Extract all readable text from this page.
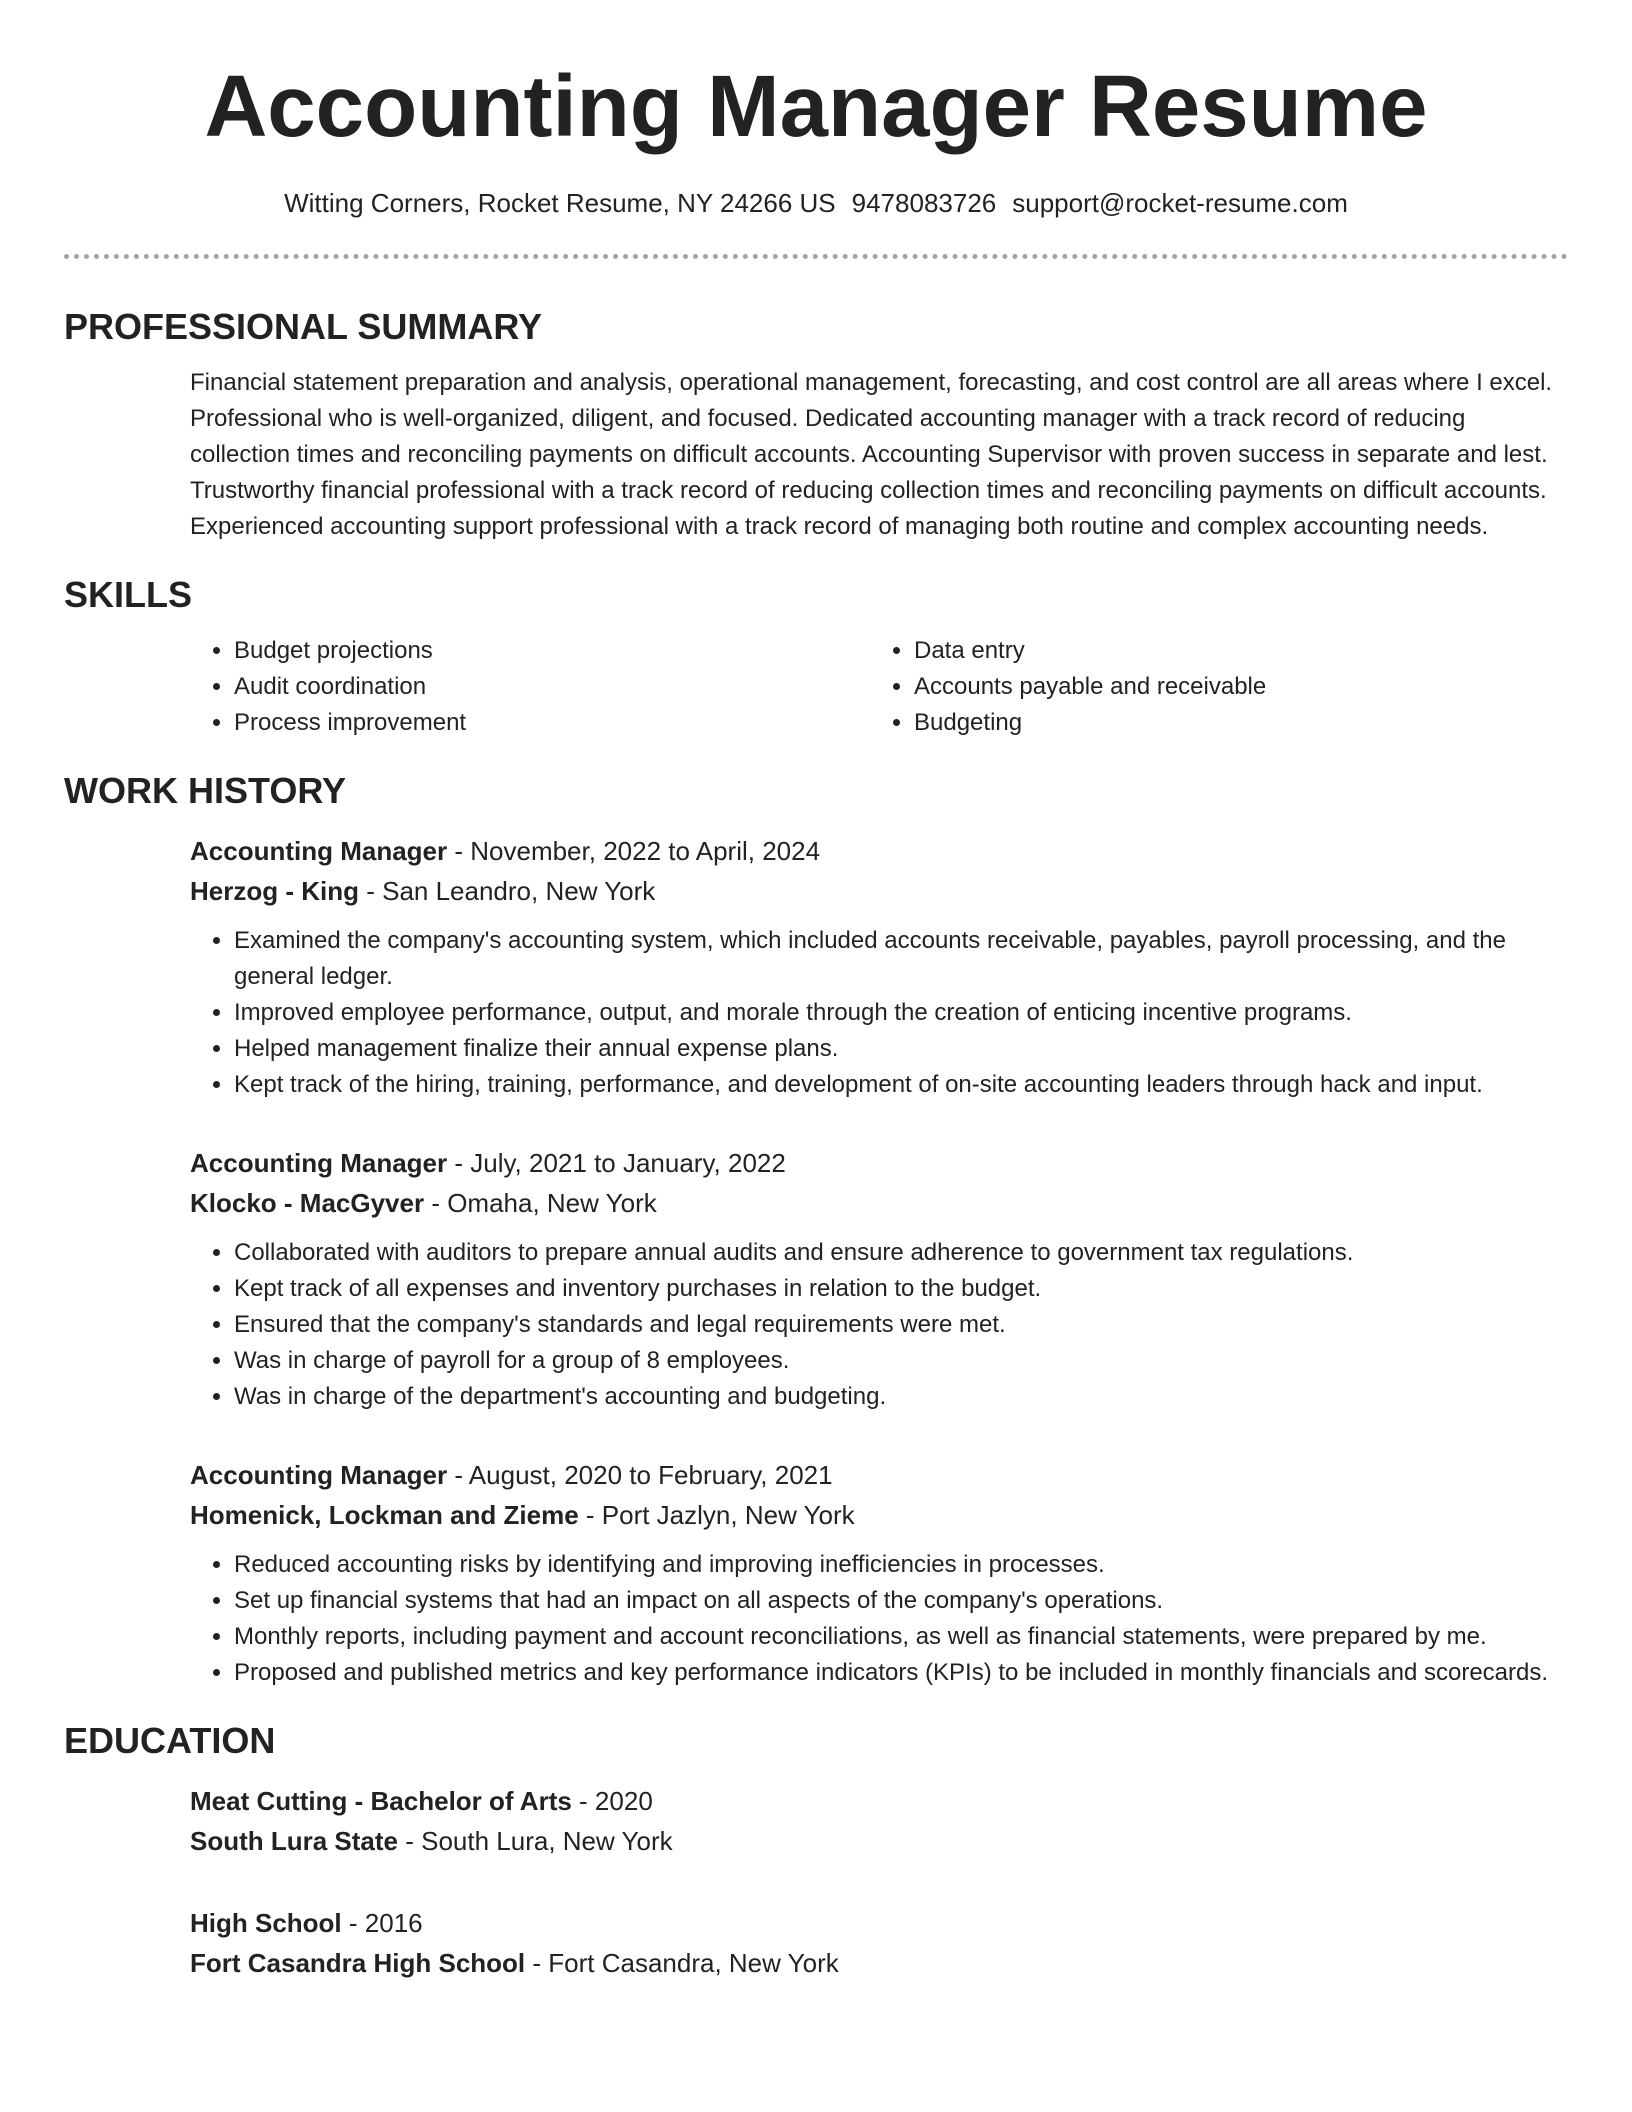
Accounting Manager Resume
Witting Corners, Rocket Resume, NY 24266 US 9478083726 support@rocket-resume.com
PROFESSIONAL SUMMARY

Financial statement preparation and analysis, operational management, forecasting, and cost control are all areas where I excel. Professional who is well-organized, diligent, and focused. Dedicated accounting manager with a track record of reducing collection times and reconciling payments on difficult accounts. Accounting Supervisor with proven success in separate and lest. Trustworthy financial professional with a track record of reducing collection times and reconciling payments on difficult accounts. Experienced accounting support professional with a track record of managing both routine and complex accounting needs.

SKILLS
• Budget projections
• Audit coordination
• Process improvement
• Data entry
• Accounts payable and receivable
• Budgeting
WORK HISTORY
Accounting Manager - November, 2022 to April, 2024
Herzog - King - San Leandro, New York
• Examined the company's accounting system, which included accounts receivable, payables, payroll processing, and the general ledger.
• Improved employee performance, output, and morale through the creation of enticing incentive programs.
• Helped management finalize their annual expense plans.
• Kept track of the hiring, training, performance, and development of on-site accounting leaders through hack and input.
Accounting Manager - July, 2021 to January, 2022
Klocko - MacGyver - Omaha, New York
• Collaborated with auditors to prepare annual audits and ensure adherence to government tax regulations.
• Kept track of all expenses and inventory purchases in relation to the budget.
• Ensured that the company's standards and legal requirements were met.
• Was in charge of payroll for a group of 8 employees.
• Was in charge of the department's accounting and budgeting.
Accounting Manager - August, 2020 to February, 2021
Homenick, Lockman and Zieme - Port Jazlyn, New York
• Reduced accounting risks by identifying and improving inefficiencies in processes.
• Set up financial systems that had an impact on all aspects of the company's operations.
• Monthly reports, including payment and account reconciliations, as well as financial statements, were prepared by me.
• Proposed and published metrics and key performance indicators (KPIs) to be included in monthly financials and scorecards.
EDUCATION
Meat Cutting - Bachelor of Arts - 2020
South Lura State - South Lura, New York
High School - 2016
Fort Casandra High School - Fort Casandra, New York
